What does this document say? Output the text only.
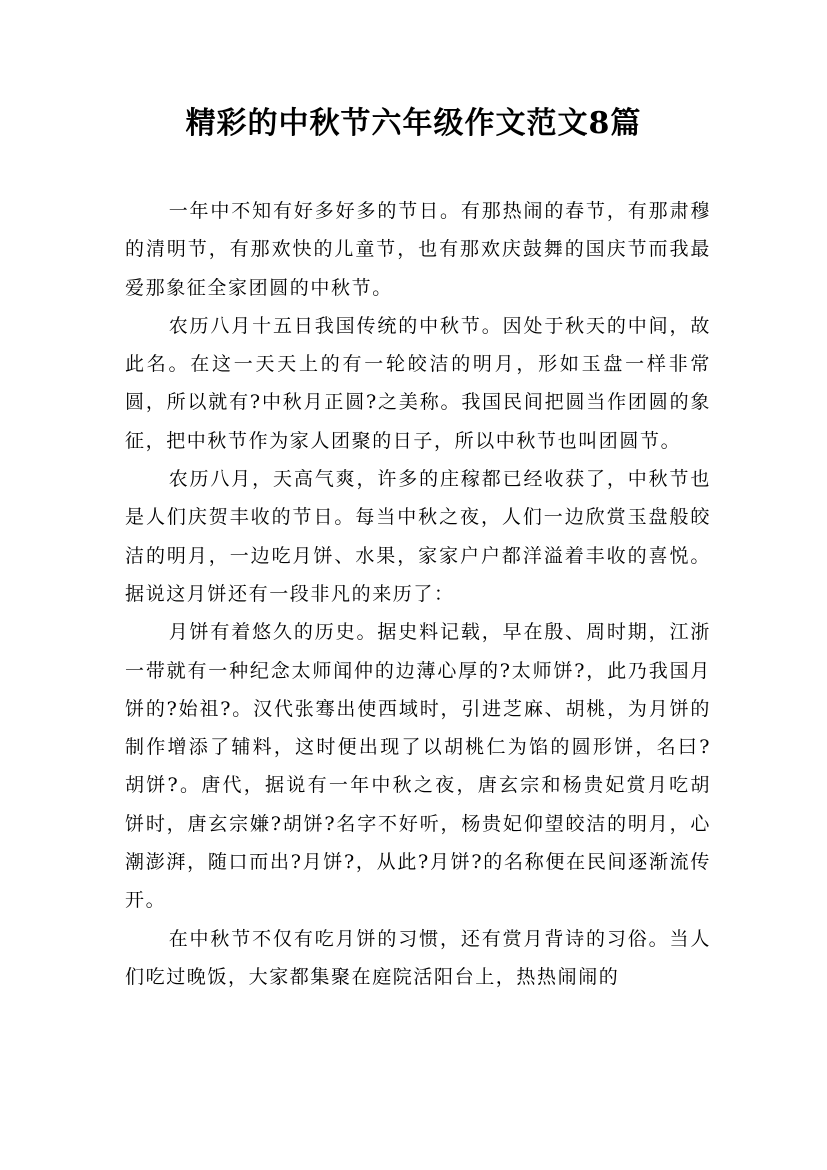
精彩的中秋节六年级作文范文8篇

一年中不知有好多好多的节日。有那热闹的春节，有那肃穆的清明节，有那欢快的儿童节，也有那欢庆鼓舞的国庆节而我最爱那象征全家团圆的中秋节。

农历八月十五日我国传统的中秋节。因处于秋天的中间，故此名。在这一天天上的有一轮皎洁的明月，形如玉盘一样非常圆，所以就有?中秋月正圆?之美称。我国民间把圆当作团圆的象征，把中秋节作为家人团聚的日子，所以中秋节也叫团圆节。

农历八月，天高气爽，许多的庄稼都已经收获了，中秋节也是人们庆贺丰收的节日。每当中秋之夜，人们一边欣赏玉盘般皎洁的明月，一边吃月饼、水果，家家户户都洋溢着丰收的喜悦。据说这月饼还有一段非凡的来历了：

月饼有着悠久的历史。据史料记载，早在殷、周时期，江浙一带就有一种纪念太师闻仲的边薄心厚的?太师饼?，此乃我国月饼的?始祖?。汉代张骞出使西域时，引进芝麻、胡桃，为月饼的制作增添了辅料，这时便出现了以胡桃仁为馅的圆形饼，名曰?胡饼?。唐代，据说有一年中秋之夜，唐玄宗和杨贵妃赏月吃胡饼时，唐玄宗嫌?胡饼?名字不好听，杨贵妃仰望皎洁的明月，心潮澎湃，随口而出?月饼?，从此?月饼?的名称便在民间逐渐流传开。

在中秋节不仅有吃月饼的习惯，还有赏月背诗的习俗。当人们吃过晚饭，大家都集聚在庭院活阳台上，热热闹闹的
